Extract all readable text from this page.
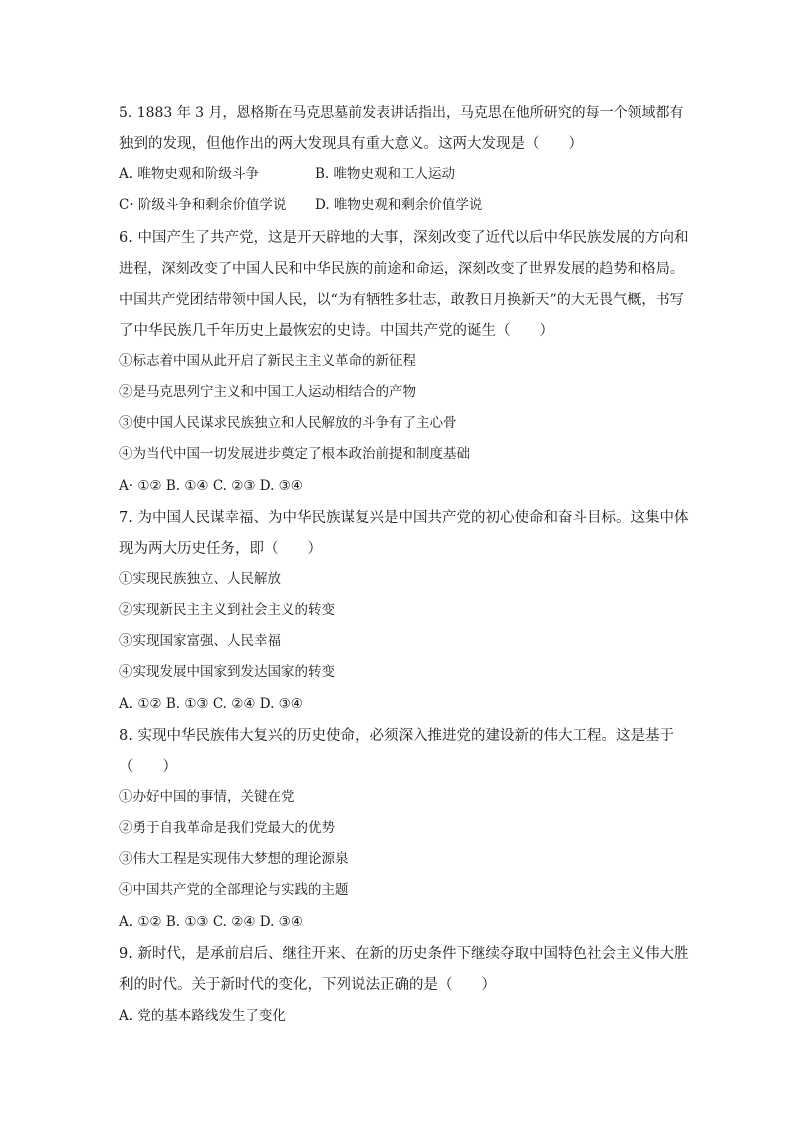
5. 1883 年 3 月，恩格斯在马克思墓前发表讲话指出，马克思在他所研究的每一个领域都有

独到的发现，但他作出的两大发现具有重大意义。这两大发现是（　　）

A. 唯物史观和阶级斗争	B. 唯物史观和工人运动

C· 阶级斗争和剩余价值学说 D. 唯物史观和剩余价值学说

6. 中国产生了共产党，这是开天辟地的大事，深刻改变了近代以后中华民族发展的方向和

进程，深刻改变了中国人民和中华民族的前途和命运，深刻改变了世界发展的趋势和格局。

中国共产党团结带领中国人民，以“为有牺牲多壮志，敢教日月换新天”的大无畏气概，书写

了中华民族几千年历史上最恢宏的史诗。中国共产党的诞生（　　）

①标志着中国从此开启了新民主主义革命的新征程

②是马克思列宁主义和中国工人运动相结合的产物

③使中国人民谋求民族独立和人民解放的斗争有了主心骨

④为当代中国一切发展进步奠定了根本政治前提和制度基础

A· ①② B. ①④ C. ②③ D. ③④

7. 为中国人民谋幸福、为中华民族谋复兴是中国共产党的初心使命和奋斗目标。这集中体

现为两大历史任务，即（　　）

①实现民族独立、人民解放

②实现新民主主义到社会主义的转变

③实现国家富强、人民幸福

④实现发展中国家到发达国家的转变

A. ①② B. ①③ C. ②④ D. ③④

8. 实现中华民族伟大复兴的历史使命，必须深入推进党的建设新的伟大工程。这是基于

（　　）

①办好中国的事情，关键在党

②勇于自我革命是我们党最大的优势

③伟大工程是实现伟大梦想的理论源泉

④中国共产党的全部理论与实践的主题

A. ①② B. ①③ C. ②④ D. ③④

9. 新时代，是承前启后、继往开来、在新的历史条件下继续夺取中国特色社会主义伟大胜

利的时代。关于新时代的变化，下列说法正确的是（　　）

A. 党的基本路线发生了变化
